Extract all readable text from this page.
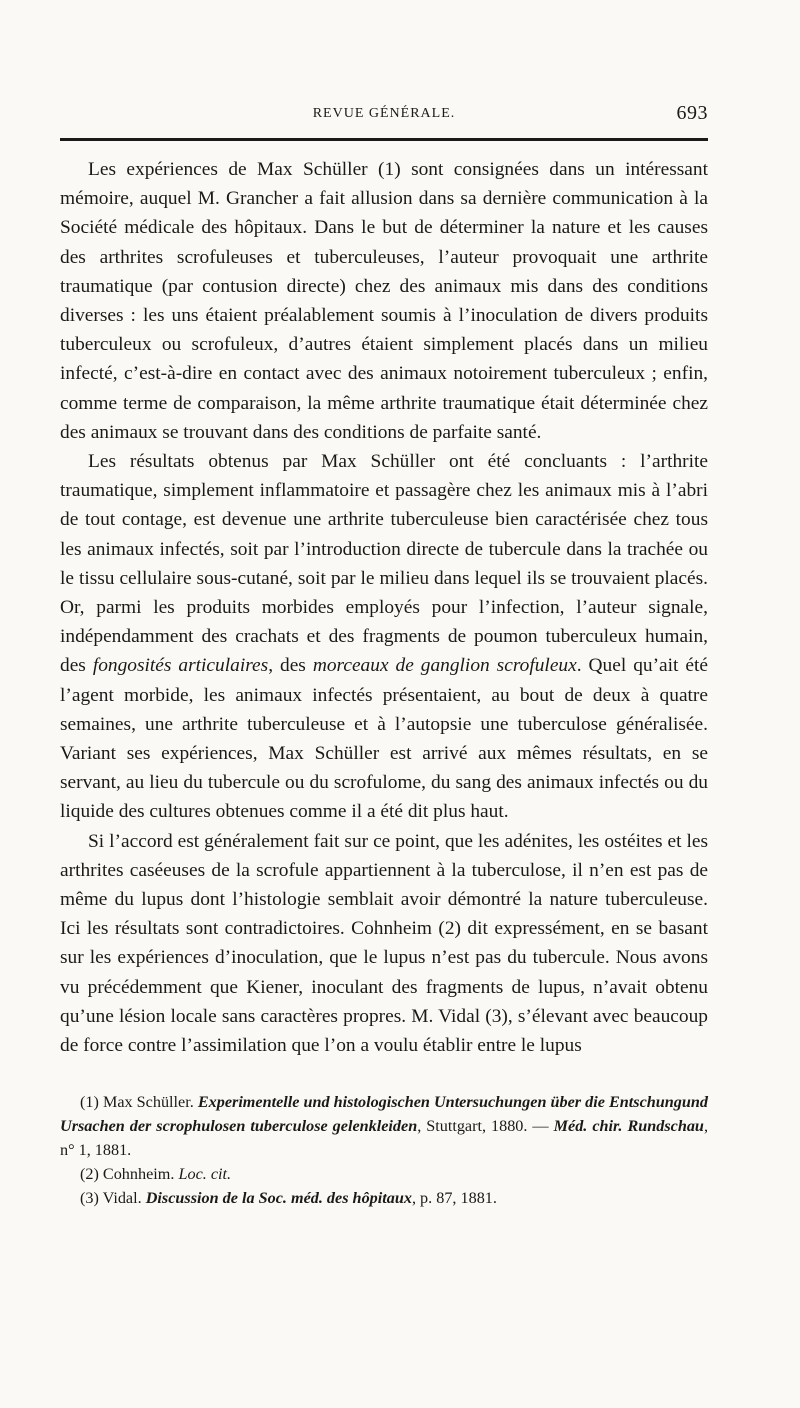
REVUE GÉNÉRALE.	693

Les expériences de Max Schüller (1) sont consignées dans un intéressant mémoire, auquel M. Grancher a fait allusion dans sa dernière communication à la Société médicale des hôpitaux. Dans le but de déterminer la nature et les causes des arthrites scrofuleuses et tuberculeuses, l’auteur provoquait une arthrite traumatique (par contusion directe) chez des animaux mis dans des conditions diverses : les uns étaient préalablement soumis à l’inoculation de divers produits tuberculeux ou scrofuleux, d’autres étaient simplement placés dans un milieu infecté, c’est-à-dire en contact avec des animaux notoirement tuberculeux ; enfin, comme terme de comparaison, la même arthrite traumatique était déterminée chez des animaux se trouvant dans des conditions de parfaite santé.

Les résultats obtenus par Max Schüller ont été concluants : l’arthrite traumatique, simplement inflammatoire et passagère chez les animaux mis à l’abri de tout contage, est devenue une arthrite tuberculeuse bien caractérisée chez tous les animaux infectés, soit par l’introduction directe de tubercule dans la trachée ou le tissu cellulaire sous-cutané, soit par le milieu dans lequel ils se trouvaient placés. Or, parmi les produits morbides employés pour l’infection, l’auteur signale, indépendamment des crachats et des fragments de poumon tuberculeux humain, des fongosités articulaires, des morceaux de ganglion scrofuleux. Quel qu’ait été l’agent morbide, les animaux infectés présentaient, au bout de deux à quatre semaines, une arthrite tuberculeuse et à l’autopsie une tuberculose généralisée. Variant ses expériences, Max Schüller est arrivé aux mêmes résultats, en se servant, au lieu du tubercule ou du scrofulome, du sang des animaux infectés ou du liquide des cultures obtenues comme il a été dit plus haut.

Si l’accord est généralement fait sur ce point, que les adénites, les ostéites et les arthrites caséeuses de la scrofule appartiennent à la tuberculose, il n’en est pas de même du lupus dont l’histologie semblait avoir démontré la nature tuberculeuse. Ici les résultats sont contradictoires. Cohnheim (2) dit expressément, en se basant sur les expériences d’inoculation, que le lupus n’est pas du tubercule. Nous avons vu précédemment que Kiener, inoculant des fragments de lupus, n’avait obtenu qu’une lésion locale sans caractères propres. M. Vidal (3), s’élevant avec beaucoup de force contre l’assimilation que l’on a voulu établir entre le lupus

(1) Max Schüller. Experimentelle und histologischen Untersuchungen über die Entschungund Ursachen der scrophulosen tuberculose gelenkleiden, Stuttgart, 1880. — Méd. chir. Rundschau, n° 1, 1881.

(2) Cohnheim. Loc. cit.

(3) Vidal. Discussion de la Soc. méd. des hôpitaux, p. 87, 1881.
